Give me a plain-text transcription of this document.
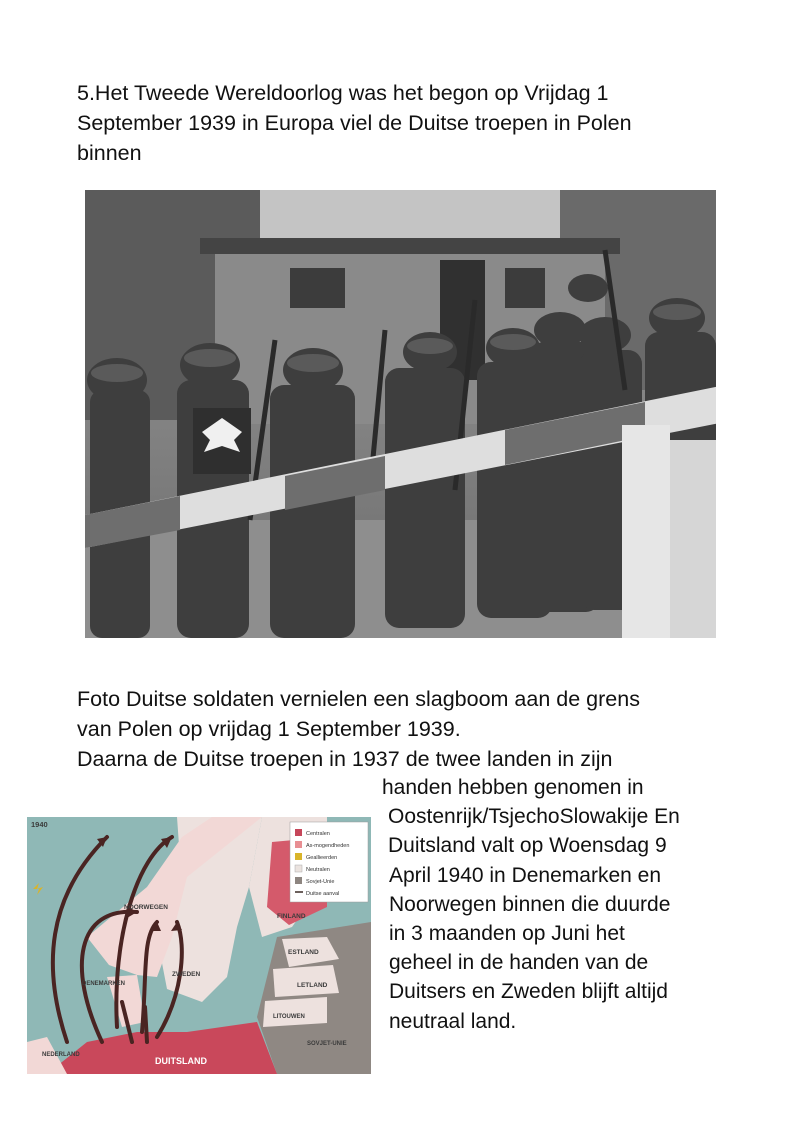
5.Het Tweede Wereldoorlog was het begon op Vrijdag 1
September 1939 in Europa viel de Duitse troepen in Polen
binnen

Foto Duitse soldaten vernielen een slagboom aan de grens
van Polen op vrijdag 1 September 1939.
Daarna de Duitse troepen in 1937 de twee landen in zijn

Centralen
As-mogendheden
Geallieerden
Neutralen
Sovjet-Unie
Duitse aanval
1940
NOORWEGEN
FINLAND
ZWEDEN
ESTLAND
DENEMARKEN	LETLAND
LITOUWEN
SOVJET-UNIE
NEDERLAND
DUITSLAND
handen hebben genomen in
Oostenrijk/TsjechoSlowakije En
Duitsland valt op Woensdag 9
April 1940 in Denemarken en
Noorwegen binnen die duurde
in 3 maanden op Juni het
geheel in de handen van de
Duitsers en Zweden blijft altijd
neutraal land.
